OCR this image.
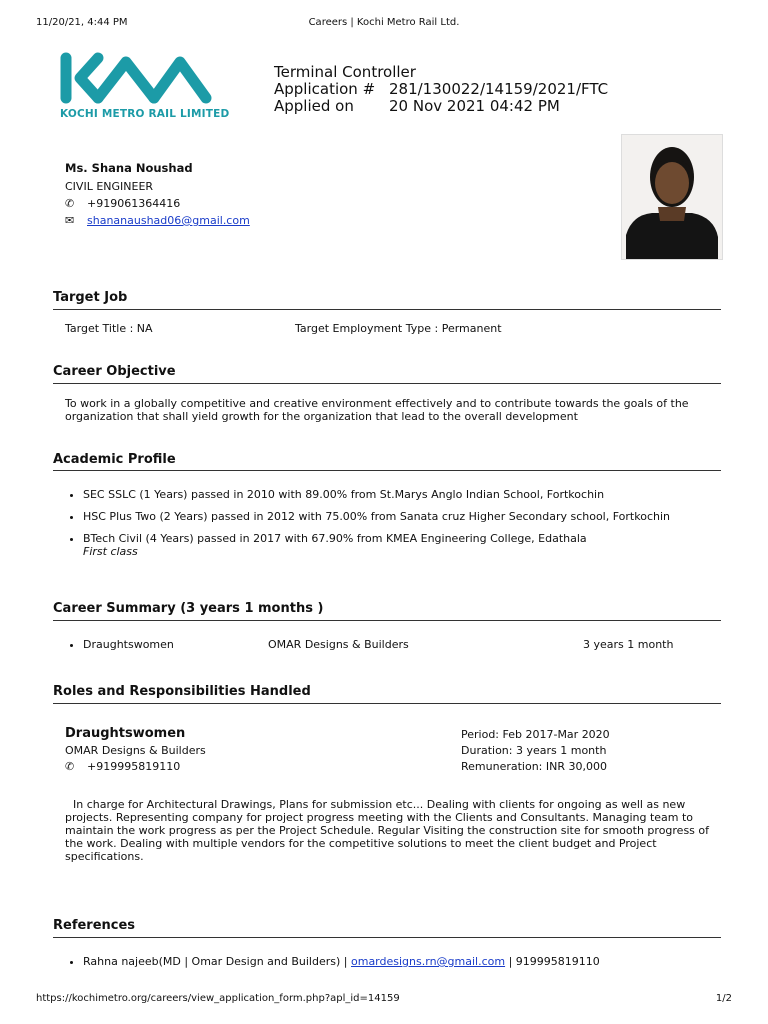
11/20/21, 4:44 PM	Careers | Kochi Metro Rail Ltd.
KOCHI METRO RAIL LIMITED
Terminal Controller
Application # 281/130022/14159/2021/FTC
Applied on 20 Nov 2021 04:42 PM
Ms. Shana Noushad
CIVIL ENGINEER
✆ +919061364416
✉ shananaushad06@gmail.com
Target Job
Target Title : NA	Target Employment Type : Permanent
Career Objective
To work in a globally competitive and creative environment effectively and to contribute towards the goals of the organization that shall yield growth for the organization that lead to the overall development
Academic Profile
• SEC SSLC (1 Years) passed in 2010 with 89.00% from St.Marys Anglo Indian School, Fortkochin
• HSC Plus Two (2 Years) passed in 2012 with 75.00% from Sanata cruz Higher Secondary school, Fortkochin
• BTech Civil (4 Years) passed in 2017 with 67.90% from KMEA Engineering College, Edathala
First class
Career Summary (3 years 1 months )
• Draughtswomen	OMAR Designs & Builders	3 years 1 month
Roles and Responsibilities Handled
Draughtswomen
OMAR Designs & Builders
✆ +919995819110
Period: Feb 2017-Mar 2020
Duration: 3 years 1 month
Remuneration: INR 30,000
In charge for Architectural Drawings, Plans for submission etc... Dealing with clients for ongoing as well as new projects. Representing company for project progress meeting with the Clients and Consultants. Managing team to maintain the work progress as per the Project Schedule. Regular Visiting the construction site for smooth progress of the work. Dealing with multiple vendors for the competitive solutions to meet the client budget and Project specifications.
References
• Rahna najeeb(MD | Omar Design and Builders) | omardesigns.rn@gmail.com | 919995819110
https://kochimetro.org/careers/view_application_form.php?apl_id=14159	1/2
